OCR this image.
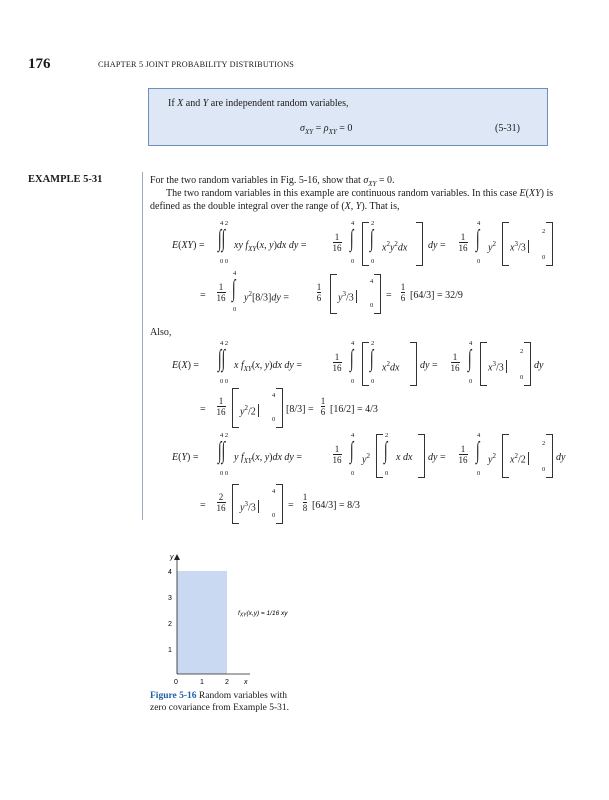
176	CHAPTER 5 JOINT PROBABILITY DISTRIBUTIONS
If X and Y are independent random variables,
$\sigma_{XY} = \rho_{XY} = 0$	(5-31)
EXAMPLE 5-31	For the two random variables in Fig. 5-16, show that $\sigma_{XY} = 0$.
The two random variables in this example are continuous random variables. In this case E(XY) is defined as the double integral over the range of (X, Y). That is,
E(XY) = ∫∫
4 2
0 0
xy $f_{XY}(x$, y)dx dy =
1
16 ∫
4
0
∫
2
0
$x^2y^2dx$ dy =
1
16 ∫
4
0
$y^2$ $x^3/3$
2
0
=
1
16 ∫
4
0
$y^2[8/3]dy$ =
1
6 $y^3/3$
4
0
=
1
6 [64/3] = 32/9
Also,
E(X) = ∫∫
4 2
0 0
x $f_{XY}(x$, y)dx dy =
1
16 ∫
4
0
∫
2
0
$x^2dx$ dy =
1
16 ∫
4
0
$x^3/3$
2
0
dy
=
1
16 $y^2/2$
4
0
[8/3] =
1
6 [16/2] = 4/3
E(Y) = ∫∫
4 2
0 0
y $f_{XY}(x$, y)dx dy =
1
16 ∫
4
0
$y^2$ ∫
2
0
x dx dy =
1
16 ∫
4
0
$y^2$ $x^2/2$
2
0
dy
=
2
16 $y^3/3$
4
0
=
1
8 [64/3] = 8/3
y
4
3
2
1
0	1	2 x
$f_{XY}(x,y) = 1/16$ xy
Figure 5-16 Random variables with zero covariance from Example 5-31.
